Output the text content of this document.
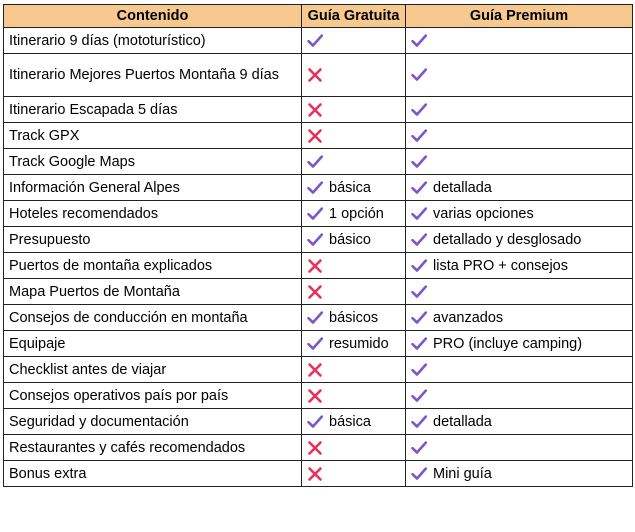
Contenido	Guía Gratuita	Guía Premium
Itinerario 9 días (mototurístico)	

Itinerario Mejores Puertos Montaña 9 días	

Itinerario Escapada 5 días	

Track GPX	

Track Google Maps	

Información General Alpes	básica	detallada

Hoteles recomendados	1 opción	varias opciones

Presupuesto	básico	detallado y desglosado

Puertos de montaña explicados		lista PRO + consejos

Mapa Puertos de Montaña	

Consejos de conducción en montaña	básicos	avanzados

Equipaje	resumido	PRO (incluye camping)

Checklist antes de viajar	

Consejos operativos país por país	

Seguridad y documentación	básica	detallada

Restaurantes y cafés recomendados	

Bonus extra		Mini guía
